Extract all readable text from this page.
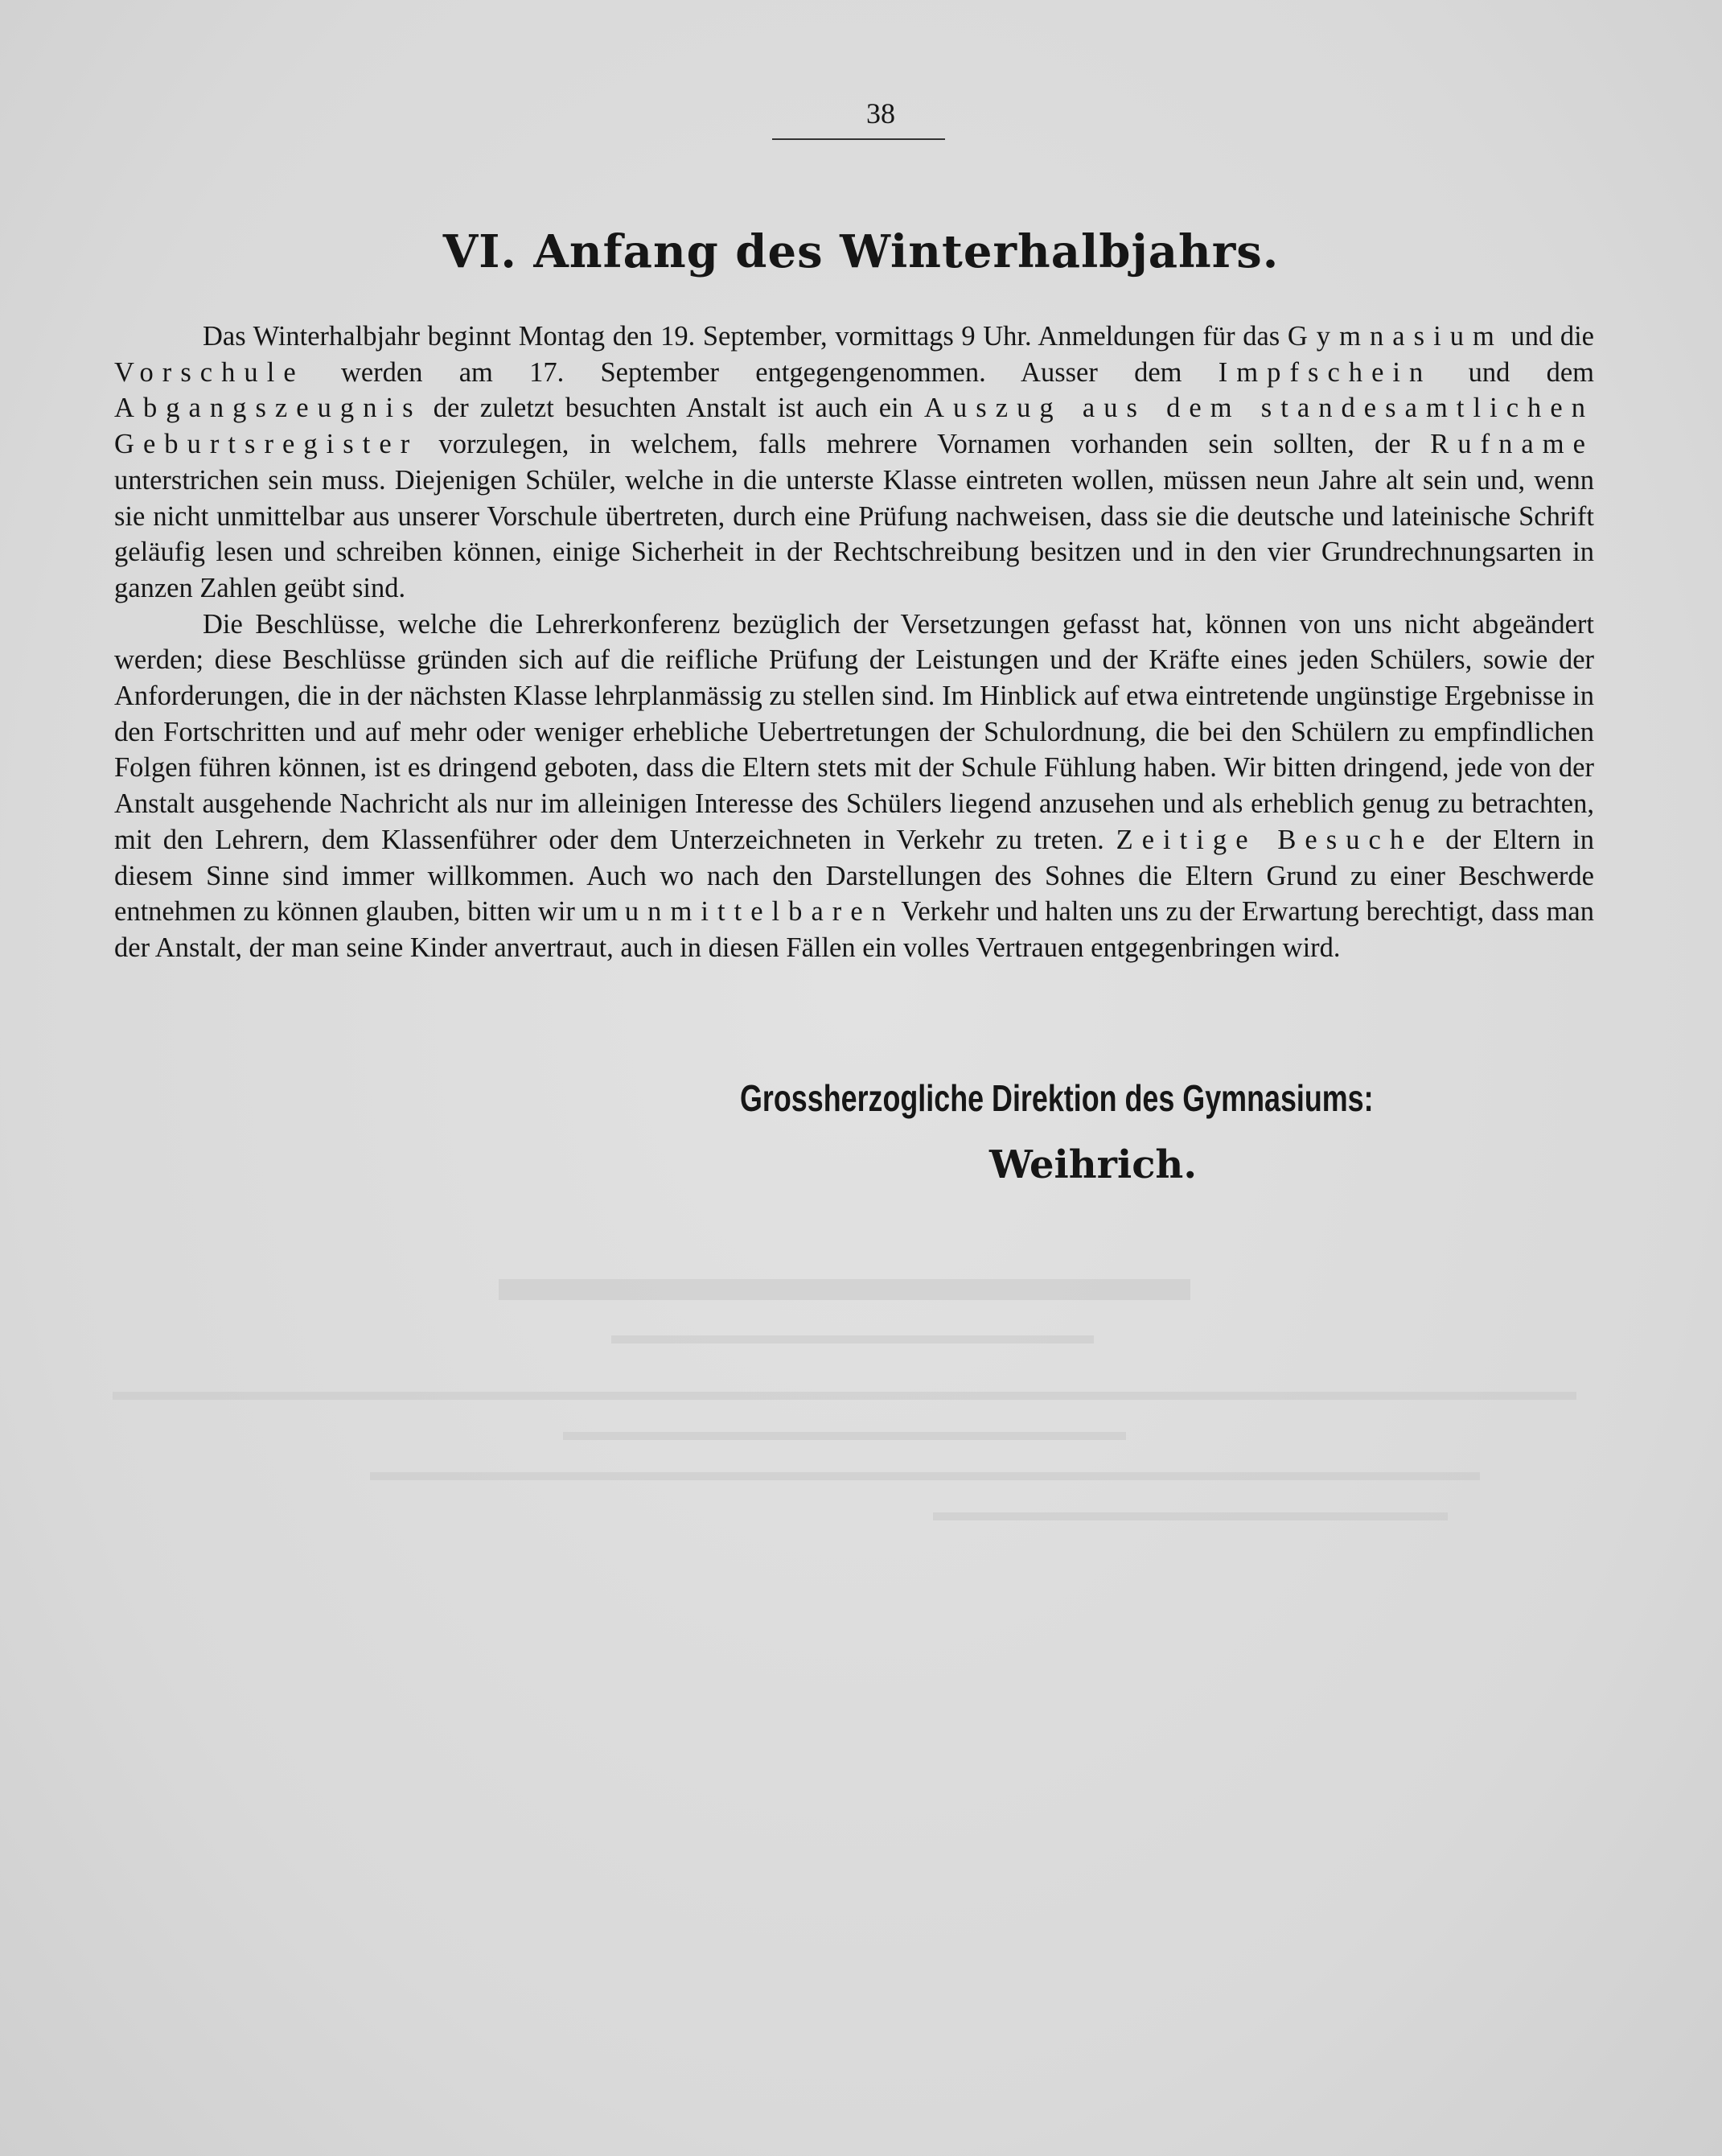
38
VI. Anfang des Winterhalbjahrs.

Das Winterhalbjahr beginnt Montag den 19. September, vormittags 9 Uhr. Anmeldungen für das Gymnasium und die Vorschule werden am 17. September entgegengenommen. Ausser dem Impfschein und dem Abgangszeugnis der zuletzt besuchten Anstalt ist auch ein Auszug aus dem standesamtlichen Geburtsregister vorzulegen, in welchem, falls mehrere Vornamen vorhanden sein sollten, der Rufname unterstrichen sein muss. Diejenigen Schüler, welche in die unterste Klasse eintreten wollen, müssen neun Jahre alt sein und, wenn sie nicht unmittelbar aus unserer Vorschule übertreten, durch eine Prüfung nachweisen, dass sie die deutsche und lateinische Schrift geläufig lesen und schreiben können, einige Sicherheit in der Rechtschreibung besitzen und in den vier Grundrechnungsarten in ganzen Zahlen geübt sind.

Die Beschlüsse, welche die Lehrerkonferenz bezüglich der Versetzungen gefasst hat, können von uns nicht abgeändert werden; diese Beschlüsse gründen sich auf die reifliche Prüfung der Leistungen und der Kräfte eines jeden Schülers, sowie der Anforderungen, die in der nächsten Klasse lehrplanmässig zu stellen sind. Im Hinblick auf etwa eintretende ungünstige Ergebnisse in den Fortschritten und auf mehr oder weniger erhebliche Uebertretungen der Schulordnung, die bei den Schülern zu empfindlichen Folgen führen können, ist es dringend geboten, dass die Eltern stets mit der Schule Fühlung haben. Wir bitten dringend, jede von der Anstalt ausgehende Nachricht als nur im alleinigen Interesse des Schülers liegend anzusehen und als erheblich genug zu betrachten, mit den Lehrern, dem Klassenführer oder dem Unterzeichneten in Verkehr zu treten. Zeitige Besuche der Eltern in diesem Sinne sind immer willkommen. Auch wo nach den Darstellungen des Sohnes die Eltern Grund zu einer Beschwerde entnehmen zu können glauben, bitten wir um unmittelbaren Verkehr und halten uns zu der Erwartung berechtigt, dass man der Anstalt, der man seine Kinder anvertraut, auch in diesen Fällen ein volles Vertrauen entgegenbringen wird.

Grossherzogliche Direktion des Gymnasiums:
Weihrich.
